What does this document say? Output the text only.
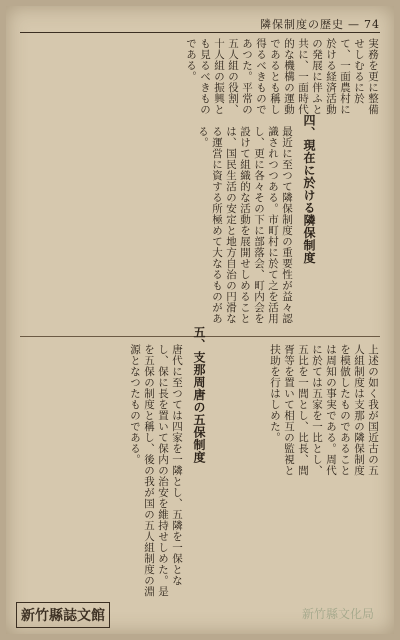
隣保制度の歴史 — 74
実務を更に整備せしむるに於て、一面農村に於ける経済活動の発展に伴ふと共に、一面時代的な機構の運動であるとも稱し得るべきものであつた。平常の五人組の役割、十人組の振興とも見るべきものである。
四、現在に於ける隣保制度
最近に至つて隣保制度の重要性が益々認識されつつある。市町村に於て之を活用し、更に各々その下に部落会、町内会を設けて組織的な活動を展開せしめることは、国民生活の安定と地方自治の円滑なる運営に資する所極めて大なるものがある。
上述の如く我が国近古の五人組制度は支那の隣保制度を模倣したものであることは周知の事実である。周代に於ては五家を一比とし、五比を一閭とし、比長、閭胥等を置いて相互の監視と扶助を行はしめた。
五、支那周唐の五保制度
唐代に至つては四家を一隣とし、五隣を一保となし、保に長を置いて保内の治安を維持せしめた。是を五保の制度と稱し、後の我が国の五人組制度の淵源となつたものである。
新竹縣文化局
新竹縣誌文館
